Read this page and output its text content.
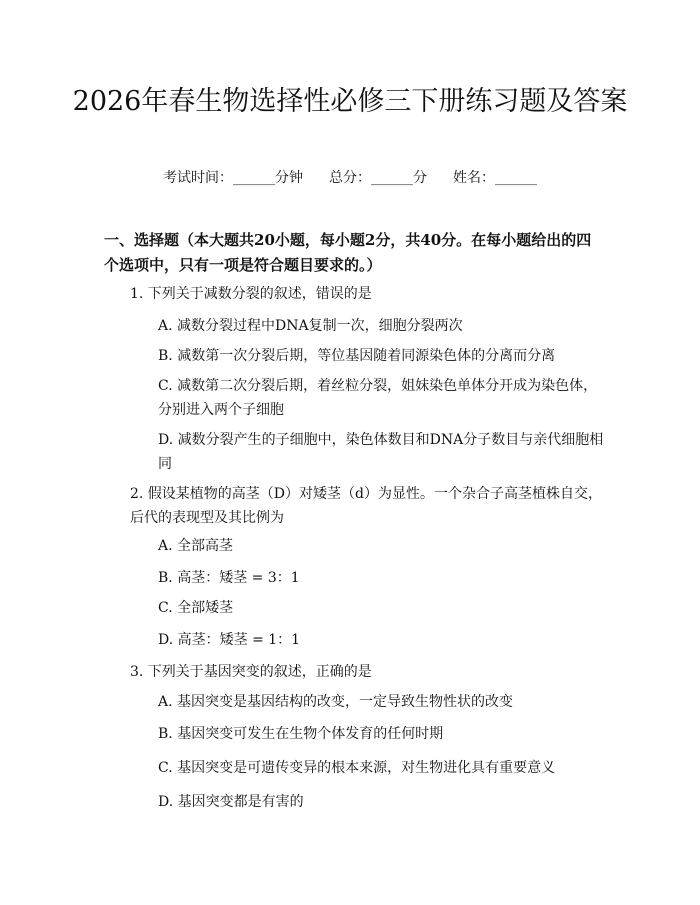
2026年春生物选择性必修三下册练习题及答案
考试时间：______分钟 总分：______分 姓名：______
一、选择题（本大题共20小题，每小题2分，共40分。在每小题给出的四个选项中，只有一项是符合题目要求的。）
1. 下列关于减数分裂的叙述，错误的是
A. 减数分裂过程中DNA复制一次，细胞分裂两次
B. 减数第一次分裂后期，等位基因随着同源染色体的分离而分离
C. 减数第二次分裂后期，着丝粒分裂，姐妹染色单体分开成为染色体，分别进入两个子细胞
D. 减数分裂产生的子细胞中，染色体数目和DNA分子数目与亲代细胞相同
2. 假设某植物的高茎（D）对矮茎（d）为显性。一个杂合子高茎植株自交，后代的表现型及其比例为
A. 全部高茎
B. 高茎：矮茎 = 3：1
C. 全部矮茎
D. 高茎：矮茎 = 1：1
3. 下列关于基因突变的叙述，正确的是
A. 基因突变是基因结构的改变，一定导致生物性状的改变
B. 基因突变可发生在生物个体发育的任何时期
C. 基因突变是可遗传变异的根本来源，对生物进化具有重要意义
D. 基因突变都是有害的
